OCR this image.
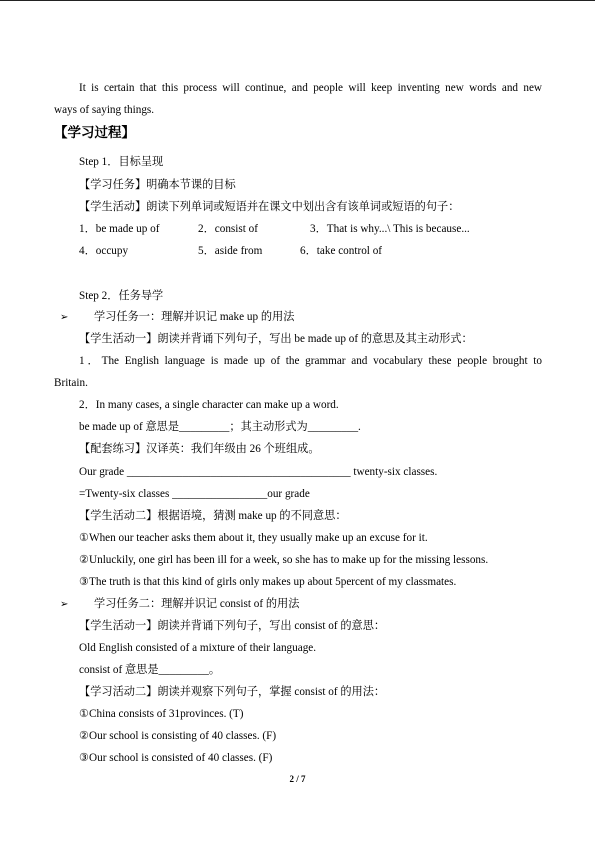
It is certain that this process will continue, and people will keep inventing new words and new
ways of saying things.
【学习过程】
Step 1．目标呈现
【学习任务】明确本节课的目标
【学生活动】朗读下列单词或短语并在课文中划出含有该单词或短语的句子：
1．be made up of	2．consist of	3．That is why...\ This is because...
4．occupy	5．aside from	6．take control of
Step 2．任务导学
➢ 学习任务一：理解并识记 make up 的用法
【学生活动一】朗读并背诵下列句子，写出 be made up of 的意思及其主动形式：
1．The English language is made up of the grammar and vocabulary these people brought to
Britain.
2．In many cases, a single character can make up a word.
be made up of 意思是_________；其主动形式为_________.
【配套练习】汉译英：我们年级由 26 个班组成。
Our grade ________________________________________ twenty-six classes.
=Twenty-six classes _________________our grade
【学生活动二】根据语境，猜测 make up 的不同意思：
①When our teacher asks them about it, they usually make up an excuse for it.
②Unluckily, one girl has been ill for a week, so she has to make up for the missing lessons.
③The truth is that this kind of girls only makes up about 5percent of my classmates.
➢ 学习任务二：理解并识记 consist of 的用法
【学生活动一】朗读并背诵下列句子，写出 consist of 的意思：
Old English consisted of a mixture of their language.
consist of 意思是_________。
【学习活动二】朗读并观察下列句子，掌握 consist of 的用法：
①China consists of 31provinces. (T)
②Our school is consisting of 40 classes. (F)
③Our school is consisted of 40 classes. (F)
2 / 7
